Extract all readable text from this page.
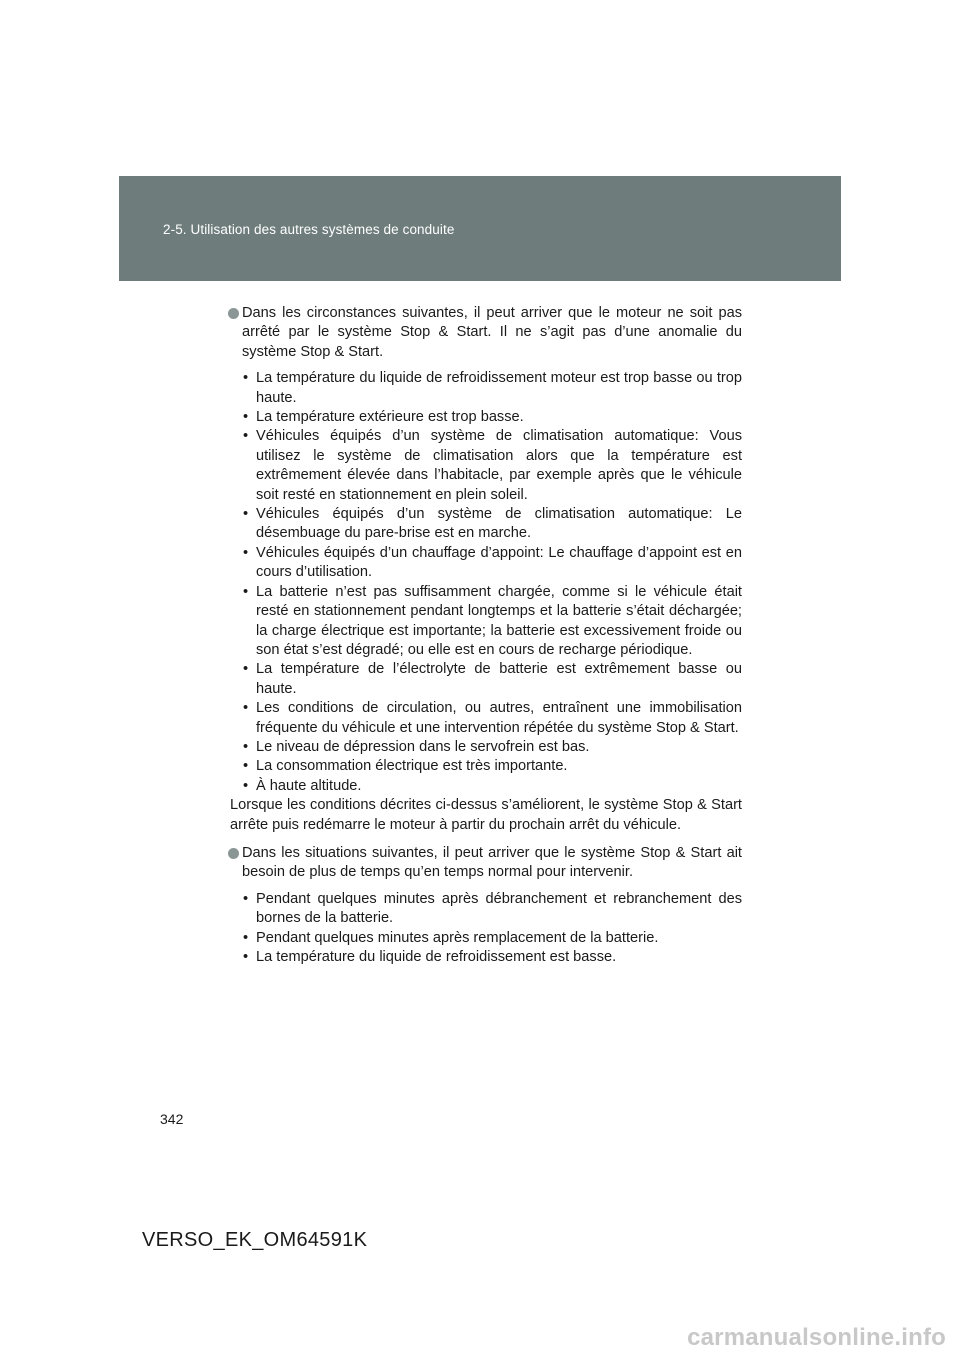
2-5. Utilisation des autres systèmes de conduite

Dans les circonstances suivantes, il peut arriver que le moteur ne soit pas arrêté par le système Stop & Start. Il ne s’agit pas d’une anomalie du système Stop & Start.

• La température du liquide de refroidissement moteur est trop basse ou trop haute.
• La température extérieure est trop basse.
• Véhicules équipés d’un système de climatisation automatique: Vous utilisez le système de climatisation alors que la température est extrêmement élevée dans l’habitacle, par exemple après que le véhicule soit resté en stationnement en plein soleil.
• Véhicules équipés d’un système de climatisation automatique: Le désembuage du pare-brise est en marche.
• Véhicules équipés d’un chauffage d’appoint: Le chauffage d’appoint est en cours d’utilisation.
• La batterie n’est pas suffisamment chargée, comme si le véhicule était resté en stationnement pendant longtemps et la batterie s’était déchargée; la charge électrique est importante; la batterie est excessivement froide ou son état s’est dégradé; ou elle est en cours de recharge périodique.
• La température de l’électrolyte de batterie est extrêmement basse ou haute.
• Les conditions de circulation, ou autres, entraînent une immobilisation fréquente du véhicule et une intervention répétée du système Stop & Start.
• Le niveau de dépression dans le servofrein est bas.
• La consommation électrique est très importante.
• À haute altitude.

Lorsque les conditions décrites ci-dessus s’améliorent, le système Stop & Start arrête puis redémarre le moteur à partir du prochain arrêt du véhicule.

Dans les situations suivantes, il peut arriver que le système Stop & Start ait besoin de plus de temps qu’en temps normal pour intervenir.

• Pendant quelques minutes après débranchement et rebranchement des bornes de la batterie.
• Pendant quelques minutes après remplacement de la batterie.
• La température du liquide de refroidissement est basse.
342
VERSO_EK_OM64591K
carmanualsonline.info
